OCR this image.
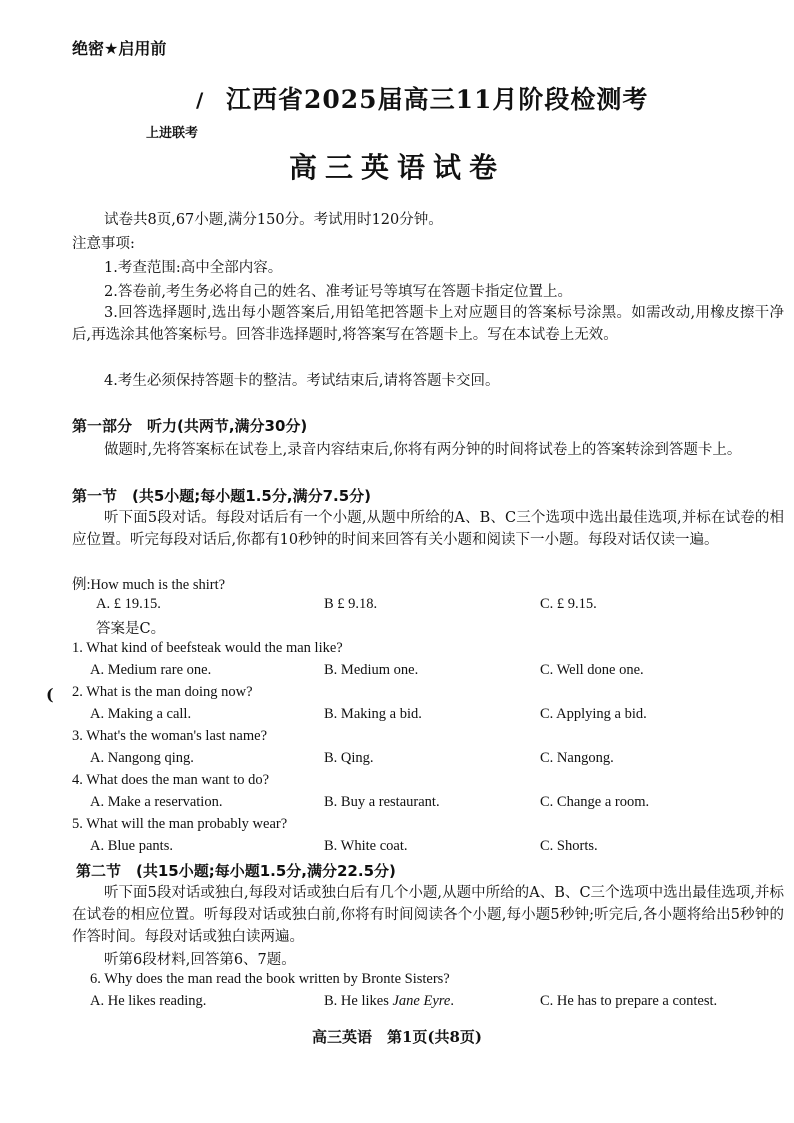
绝密★启用前
/ 江西省2025届高三11月阶段检测考
上进联考
高三英语试卷
试卷共8页,67小题,满分150分。考试用时120分钟。
注意事项:
1.考查范围:高中全部内容。
2.答卷前,考生务必将自己的姓名、准考证号等填写在答题卡指定位置上。
3.回答选择题时,选出每小题答案后,用铅笔把答题卡上对应题目的答案标号涂黑。如需改动,用橡皮擦干净后,再选涂其他答案标号。回答非选择题时,将答案写在答题卡上。写在本试卷上无效。
4.考生必须保持答题卡的整洁。考试结束后,请将答题卡交回。
第一部分　听力(共两节,满分30分)
做题时,先将答案标在试卷上,录音内容结束后,你将有两分钟的时间将试卷上的答案转涂到答题卡上。
第一节　(共5小题;每小题1.5分,满分7.5分)
听下面5段对话。每段对话后有一个小题,从题中所给的A、B、C三个选项中选出最佳选项,并标在试卷的相应位置。听完每段对话后,你都有10秒钟的时间来回答有关小题和阅读下一小题。每段对话仅读一遍。
例:How much is the shirt?
A. £ 19.15.	B £ 9.18.	C. £ 9.15.
答案是C。
1. What kind of beefsteak would the man like?
A. Medium rare one.	B. Medium one.	C. Well done one.
( 2. What is the man doing now?
A. Making a call.	B. Making a bid.	C. Applying a bid.
3. What's the woman's last name?
A. Nangong qing.	B. Qing.	C. Nangong.
4. What does the man want to do?
A. Make a reservation.	B. Buy a restaurant.	C. Change a room.
5. What will the man probably wear?
A. Blue pants.	B. White coat.	C. Shorts.
第二节　(共15小题;每小题1.5分,满分22.5分)
听下面5段对话或独白,每段对话或独白后有几个小题,从题中所给的A、B、C三个选项中选出最佳选项,并标在试卷的相应位置。听每段对话或独白前,你将有时间阅读各个小题,每小题5秒钟;听完后,各小题将给出5秒钟的作答时间。每段对话或独白读两遍。
听第6段材料,回答第6、7题。
6. Why does the man read the book written by Bronte Sisters?
A. He likes reading.	B. He likes Jane Eyre.	C. He has to prepare a contest.
高三英语　第1页(共8页)
